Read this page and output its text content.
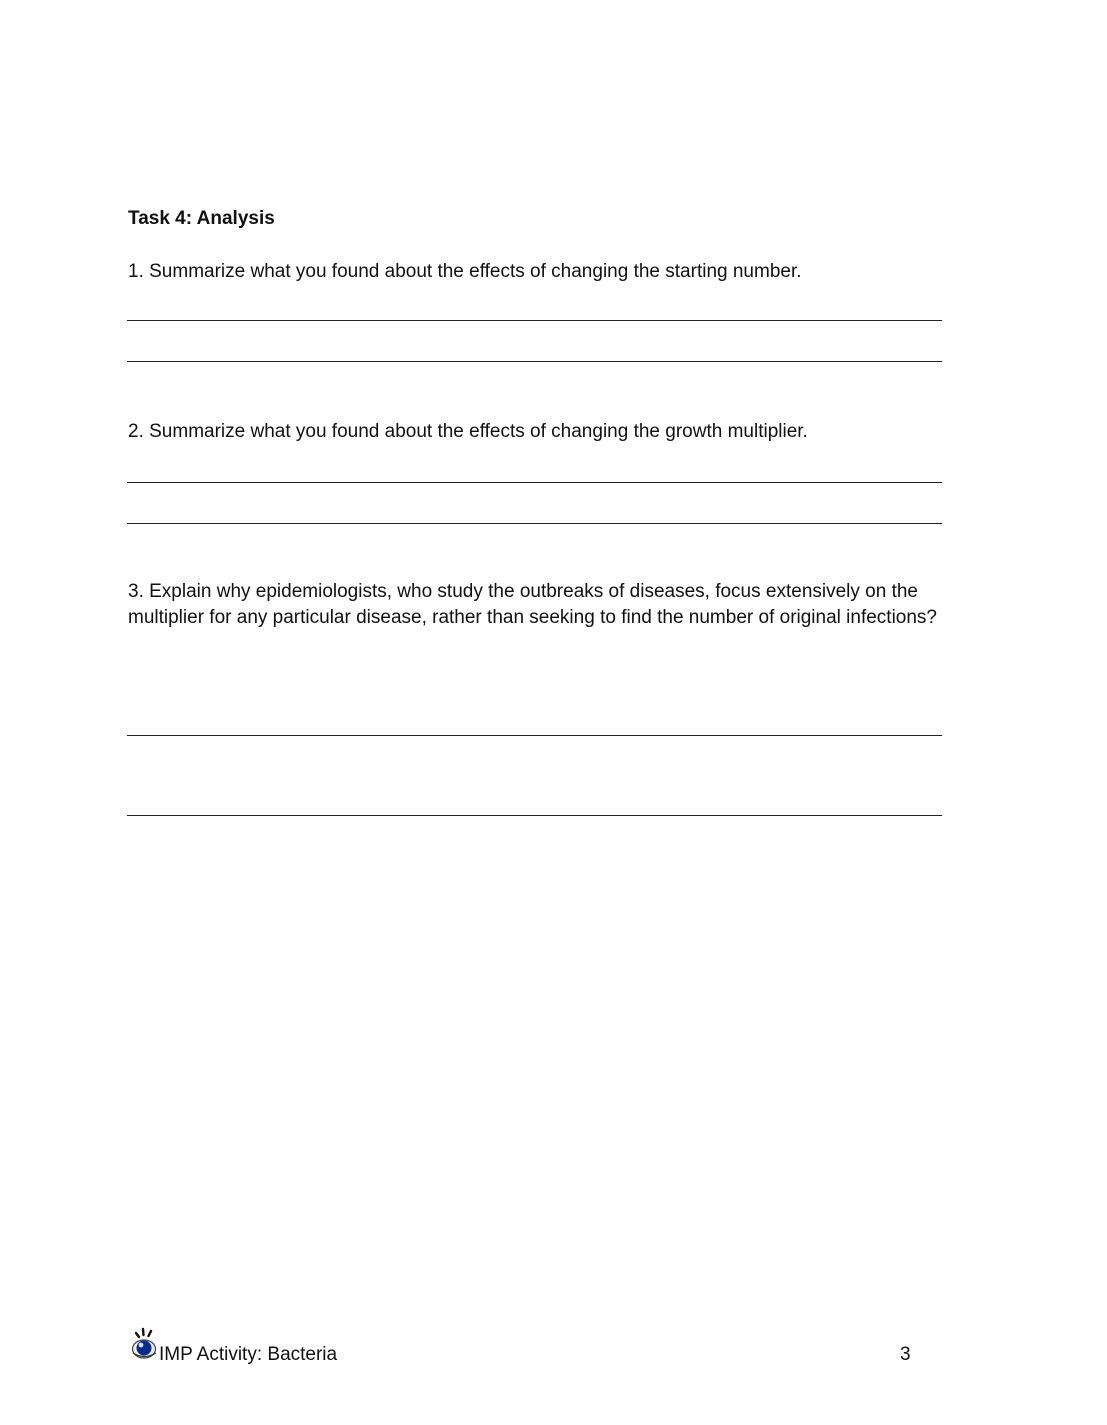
Task 4: Analysis
1. Summarize what you found about the effects of changing the starting number.
2. Summarize what you found about the effects of changing the growth multiplier.
3. Explain why epidemiologists, who study the outbreaks of diseases, focus extensively on the multiplier for any particular disease, rather than seeking to find the number of original infections?
IMP Activity: Bacteria	3
